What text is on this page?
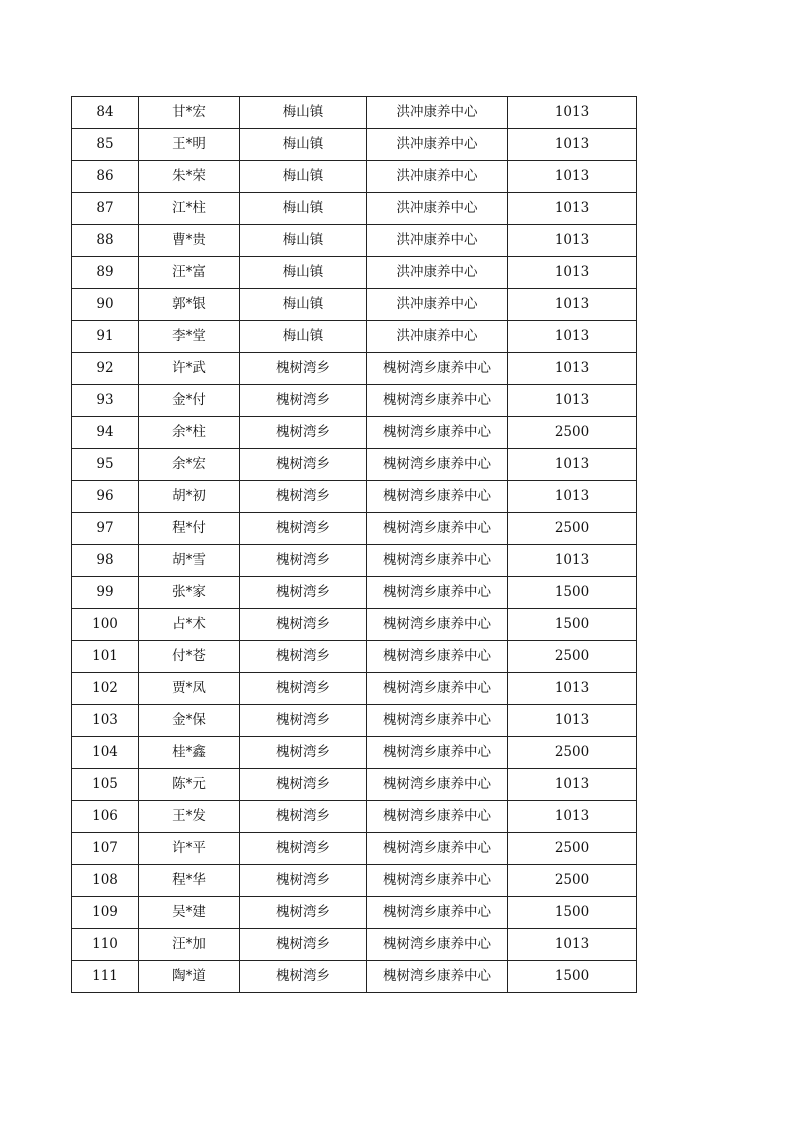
84	甘*宏	梅山镇	洪冲康养中心	1013
85	王*明	梅山镇	洪冲康养中心	1013
86	朱*荣	梅山镇	洪冲康养中心	1013
87	江*柱	梅山镇	洪冲康养中心	1013
88	曹*贵	梅山镇	洪冲康养中心	1013
89	汪*富	梅山镇	洪冲康养中心	1013
90	郭*银	梅山镇	洪冲康养中心	1013
91	李*堂	梅山镇	洪冲康养中心	1013
92	许*武	槐树湾乡	槐树湾乡康养中心	1013
93	金*付	槐树湾乡	槐树湾乡康养中心	1013
94	余*柱	槐树湾乡	槐树湾乡康养中心	2500
95	余*宏	槐树湾乡	槐树湾乡康养中心	1013
96	胡*初	槐树湾乡	槐树湾乡康养中心	1013
97	程*付	槐树湾乡	槐树湾乡康养中心	2500
98	胡*雪	槐树湾乡	槐树湾乡康养中心	1013
99	张*家	槐树湾乡	槐树湾乡康养中心	1500
100	占*术	槐树湾乡	槐树湾乡康养中心	1500
101	付*苍	槐树湾乡	槐树湾乡康养中心	2500
102	贾*凤	槐树湾乡	槐树湾乡康养中心	1013
103	金*保	槐树湾乡	槐树湾乡康养中心	1013
104	桂*鑫	槐树湾乡	槐树湾乡康养中心	2500
105	陈*元	槐树湾乡	槐树湾乡康养中心	1013
106	王*发	槐树湾乡	槐树湾乡康养中心	1013
107	许*平	槐树湾乡	槐树湾乡康养中心	2500
108	程*华	槐树湾乡	槐树湾乡康养中心	2500
109	吴*建	槐树湾乡	槐树湾乡康养中心	1500
110	汪*加	槐树湾乡	槐树湾乡康养中心	1013
111	陶*道	槐树湾乡	槐树湾乡康养中心	1500
